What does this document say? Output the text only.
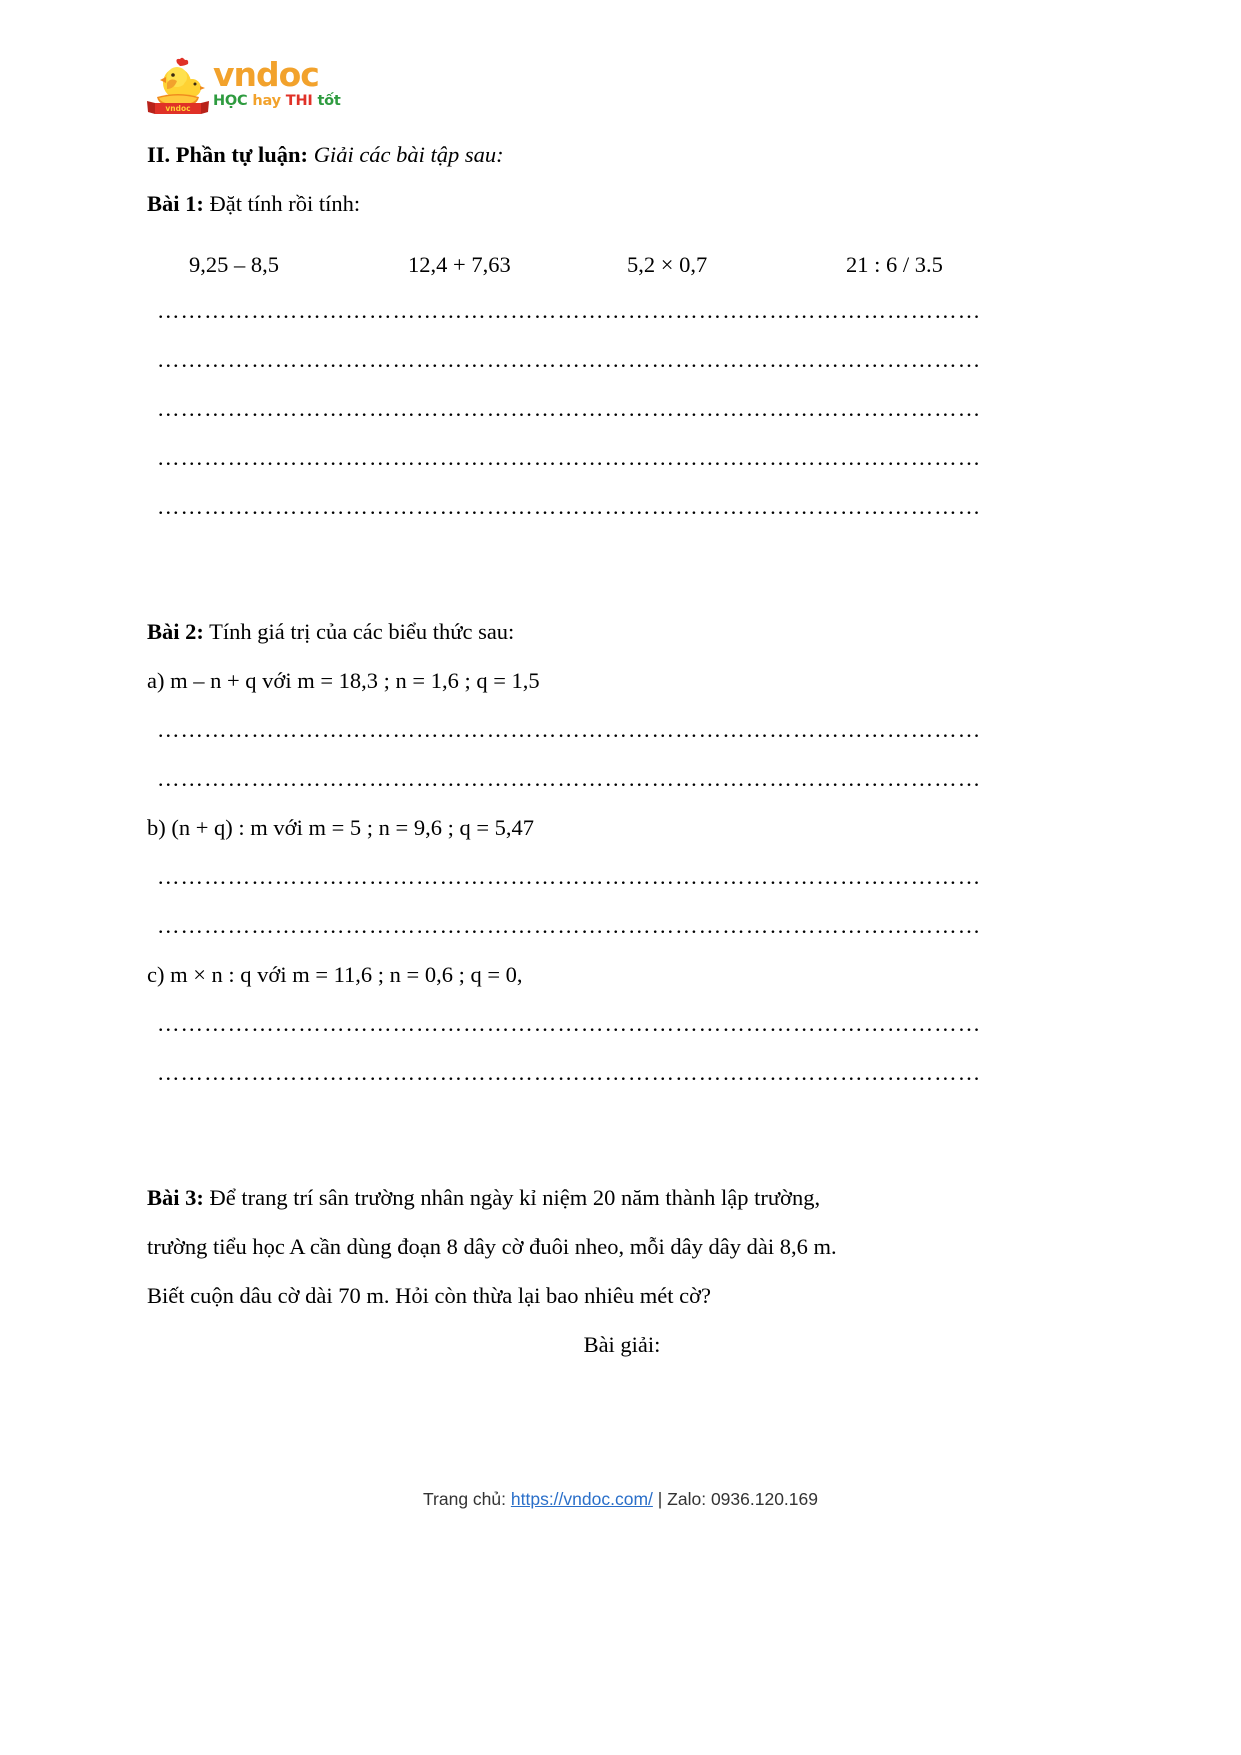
vndoc
vndoc
HỌC hay THI tốt
II. Phần tự luận: Giải các bài tập sau:
Bài 1: Đặt tính rồi tính:
9,25 – 8,5	12,4 + 7,63	5,2 × 0,7	21 : 6 / 3.5
……………………………………………………………………………………………
……………………………………………………………………………………………
……………………………………………………………………………………………
……………………………………………………………………………………………
……………………………………………………………………………………………
Bài 2: Tính giá trị của các biểu thức sau:
a) m – n + q với m = 18,3 ; n = 1,6 ; q = 1,5
……………………………………………………………………………………………
……………………………………………………………………………………………
b) (n + q) : m với m = 5 ; n = 9,6 ; q = 5,47
……………………………………………………………………………………………
……………………………………………………………………………………………
c) m × n : q với m = 11,6 ; n = 0,6 ; q = 0,
……………………………………………………………………………………………
……………………………………………………………………………………………
Bài 3: Để trang trí sân trường nhân ngày kỉ niệm 20 năm thành lập trường,
trường tiểu học A cần dùng đoạn 8 dây cờ đuôi nheo, mỗi dây dây dài 8,6 m.
Biết cuộn dâu cờ dài 70 m. Hỏi còn thừa lại bao nhiêu mét cờ?
Bài giải:
Trang chủ: https://vndoc.com/ | Zalo: 0936.120.169
